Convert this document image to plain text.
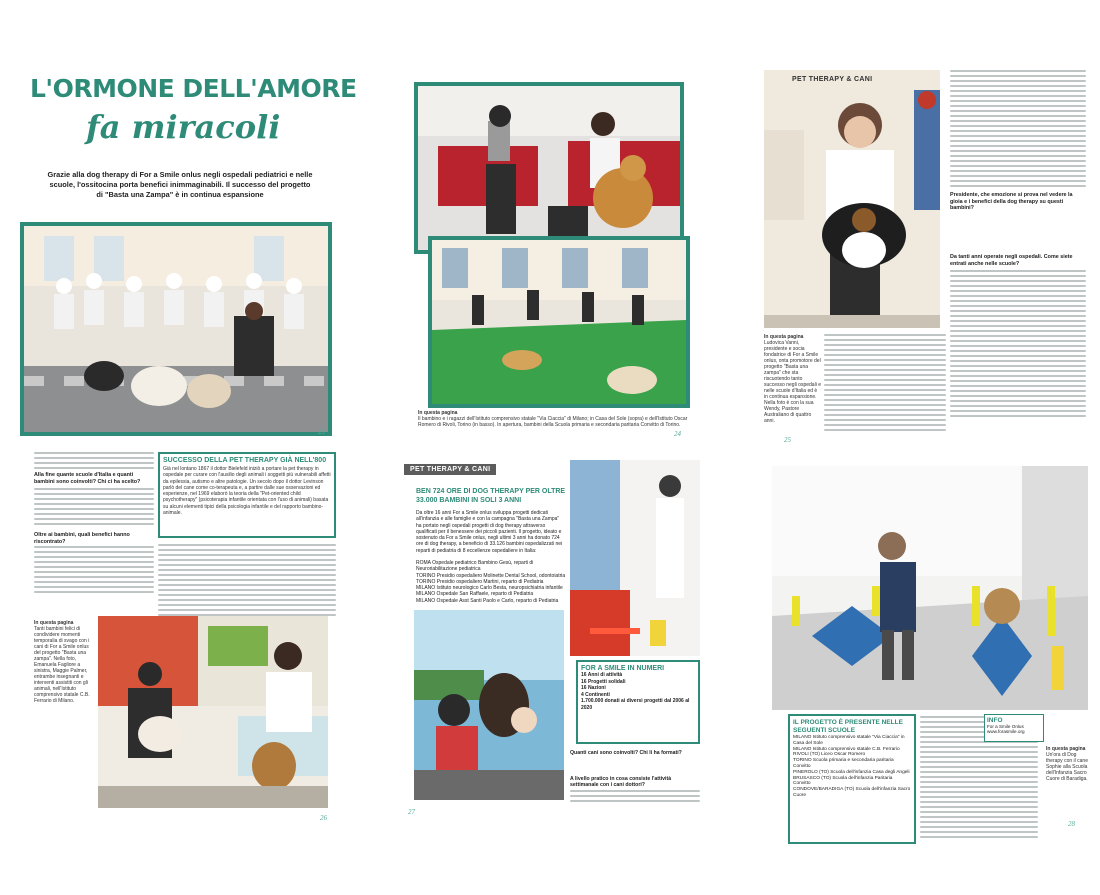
L'ORMONE DELL'AMORE
fa miracoli
Grazie alla dog therapy di For a Smile onlus negli ospedali pediatrici e nelle scuole, l'ossitocina porta benefici inimmaginabili. Il successo del progetto di "Basta una Zampa" è in continua espansione
In questa pagina
Il bambino e i ragazzi dell'Istituto comprensivo statale "Via Ciaccia" di Milano; in Casa del Sole (sopra) e dell'Istituto Oscar Romero di Rivoli, Torino (in basso). In apertura, bambini della Scuola primaria e secondaria paritaria Convitto di Torino.
24
PET THERAPY & CANI
In questa pagina
Ludovica Vanni, presidente e socia fondatrice di For a Smile onlus, onta promotore del progetto "Basta una zampa" che sta riscuotendo tanto successo negli ospedali e nelle scuole d'Italia ed è in continua espansione. Nella foto è con la sua Wendy, Pastore Australiano di quattro anni.
Presidente, che emozione si prova nel vedere la gioia e i benefici della dog therapy su questi bambini?
Da tanti anni operate negli ospedali. Come siete entrati anche nelle scuole?
25
Alla fine quante scuole d'Italia e quanti bambini sono coinvolti? Chi ci ha scelto?
Oltre ai bambini, quali benefici hanno riscontrato?
SUCCESSO DELLA PET THERAPY GIÀ NELL'800
Già nel lontano 1867 il dottor Bielefeld iniziò a portare la pet therapy in ospedale per curare con l'ausilio degli animali i soggetti più vulnerabili affetti da epilessia, autismo e altre patologie. Un secolo dopo il dottor Levinson parlò del cane come co-terapeuta e, a partire dalle sue osservazioni ed esperienze, nel 1969 elaborò la teoria della "Pet-oriented child psychotherapy" (psicoterapia infantile orientata con l'uso di animali) basata su alcuni elementi tipici della psicologia infantile e del rapporto bambino-animale.
In questa pagina
Tanti bambini felici di condividere momenti temporalia di svago con i cani di For a Smile onlus del progetto "Basta una zampa". Nella foto, Emanuela Fagliore a sinistra, Maggie Palmer, entrambe insegnanti e interventi assistiti con gli animali, nell'Istituto comprensivo statale C.B. Ferrario di Milano.
26
PET THERAPY & CANI
BEN 724 ORE DI DOG THERAPY PER OLTRE 33.000 BAMBINI IN SOLI 3 ANNI
Da oltre 16 anni For a Smile onlus sviluppa progetti dedicati all'infanzia e alle famiglie e con la campagna "Basta una Zampa" ha portato negli ospedali progetti di dog therapy attraverso qualificati per il benessere dei piccoli pazienti. Il progetto, ideato e sostenuto da For a Smile onlus, negli ultimi 3 anni ha donato 724 ore di dog therapy, a beneficio di 33.126 bambini ospedalizzati nei reparti di pediatria di 8 eccellenze ospedaliere in Italia:
ROMA Ospedale pediatrico Bambino Gesù, reparti di Neuroriabilitazione pediatrica
TORINO Presidio ospedaliero Molinette Dental School, odontoiatria
TORINO Presidio ospedaliero Martini, reparto di Pediatria
MILANO Istituto neurologico Carlo Besta, neuropsichiatria infantile
MILANO Ospedale San Raffaele, reparto di Pediatria
MILANO Ospedale Asst Santi Paolo e Carlo, reparto di Pediatria
FOR A SMILE IN NUMERI
16 Anni di attività
16 Progetti solidali
16 Nazioni
4 Continenti
1.700.000 donati ai diversi progetti dal 2006 al 2020
Quanti cani sono coinvolti? Chi li ha formati?
A livello pratico in cosa consiste l'attività settimanale con i cani dottori?
27
IL PROGETTO È PRESENTE NELLE SEGUENTI SCUOLE
MILANO Istituto comprensivo statale "Via Ciaccia" in Casa del Sole
MILANO Istituto comprensivo statale C.B. Ferrario
RIVOLI (TO) Liceo Oscar Romero
TORINO Scuola primaria e secondaria paritaria Convitto
PINEROLO (TO) Scuola dell'infanzia Casa degli Angeli
BRUSASCO (TO) Scuola dell'infanzia Paritaria Convitto
CONDOVE/BARADIGA (TO) Scuola dell'infanzia Sacro Cuore
INFO
For a Smile Onlus www.forasmile.org
In questa pagina
Un'ora di Dog therapy con il cane Sophie alla Scuola dell'Infanzia Sacro Cuore di Baradiga.
28
23
